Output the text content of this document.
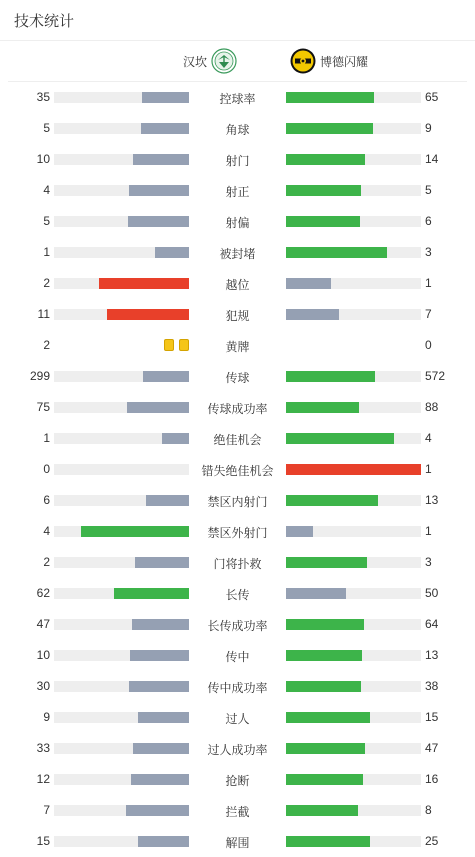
技术统计
汉坎	博德闪耀
35	控球率	65
5	角球	9
10	射门	14
4	射正	5
5	射偏	6
1	被封堵	3
2	越位	1
11	犯规	7
2	黄牌	0
299	传球	572
75	传球成功率	88
1	绝佳机会	4
0	错失绝佳机会	1
6	禁区内射门	13
4	禁区外射门	1
2	门将扑救	3
62	长传	50
47	长传成功率	64
10	传中	13
30	传中成功率	38
9	过人	15
33	过人成功率	47
12	抢断	16
7	拦截	8
15	解围	25
